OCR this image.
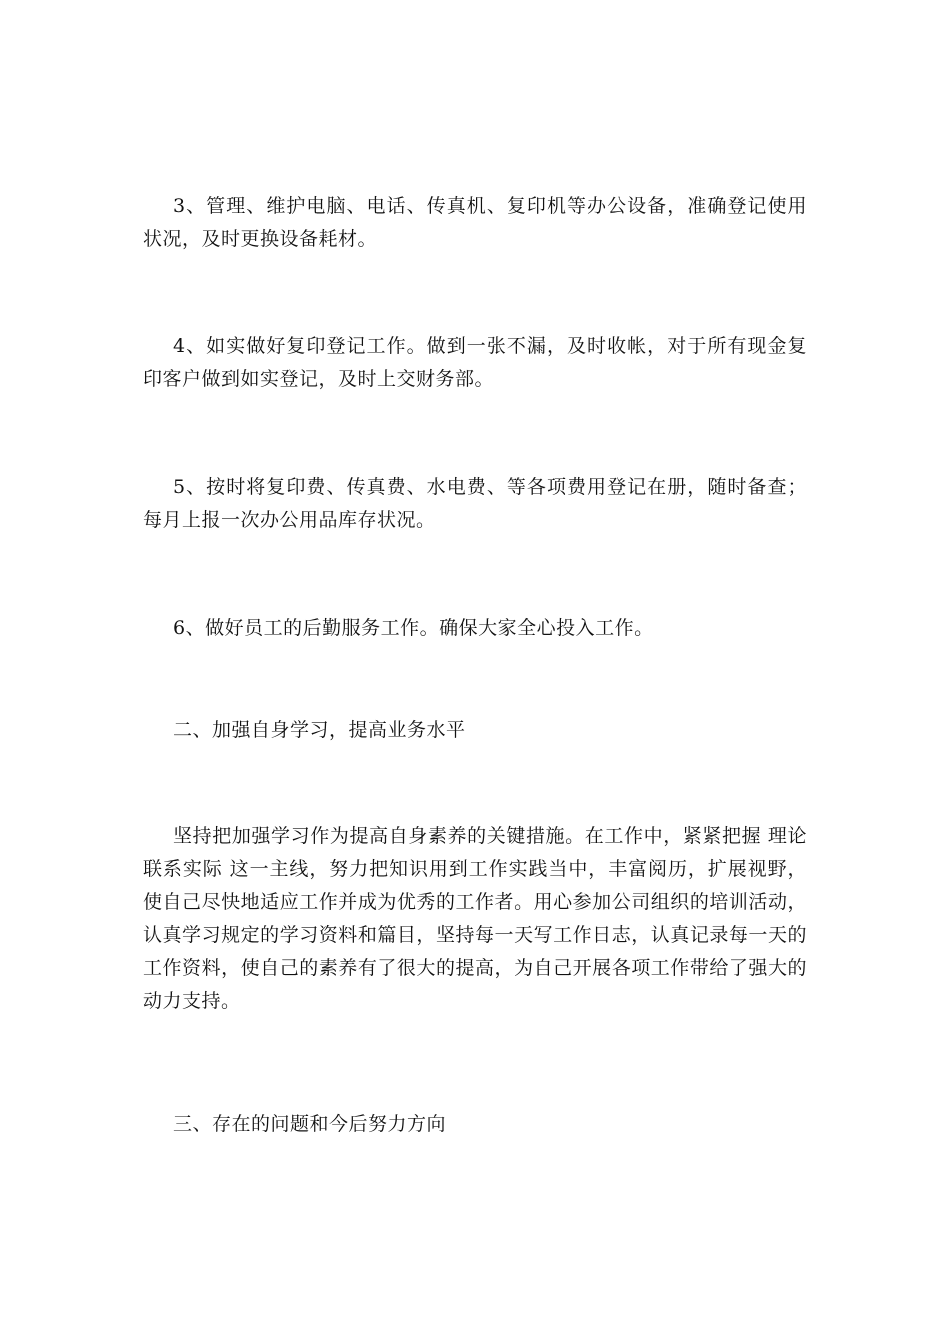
3、管理、维护电脑、电话、传真机、复印机等办公设备，准确登记使用状况，及时更换设备耗材。

4、如实做好复印登记工作。做到一张不漏，及时收帐，对于所有现金复印客户做到如实登记，及时上交财务部。

5、按时将复印费、传真费、水电费、等各项费用登记在册，随时备查；每月上报一次办公用品库存状况。

6、做好员工的后勤服务工作。确保大家全心投入工作。

二、加强自身学习，提高业务水平

坚持把加强学习作为提高自身素养的关键措施。在工作中，紧紧把握 理论联系实际 这一主线，努力把知识用到工作实践当中，丰富阅历，扩展视野，使自己尽快地适应工作并成为优秀的工作者。用心参加公司组织的培训活动，认真学习规定的学习资料和篇目，坚持每一天写工作日志，认真记录每一天的工作资料，使自己的素养有了很大的提高，为自己开展各项工作带给了强大的动力支持。

三、存在的问题和今后努力方向
